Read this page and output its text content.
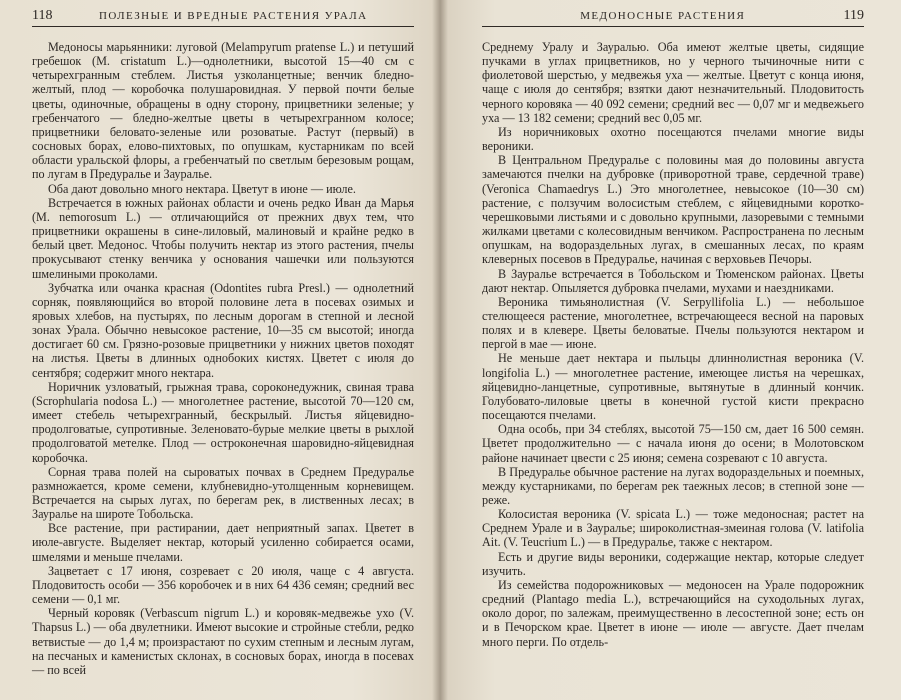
118	ПОЛЕЗНЫЕ И ВРЕДНЫЕ РАСТЕНИЯ УРАЛА

Медоносы марьянники: луговой (Melampyrum pratense L.) и петуший гребешок (M. cristatum L.)—однолетники, высотой 15—40 см с четырехгранным стеблем. Листья узколанцетные; венчик бледно-желтый, плод — коробочка полушаровидная. У первой почти белые цветы, одиночные, обращены в одну сторону, прицветники зеленые; у гребенчатого — бледно-желтые цветы в четырехгранном колосе; прицветники беловато-зеленые или розоватые. Растут (первый) в сосновых борах, елово-пихтовых, по опушкам, кустарникам по всей области уральской флоры, а гребенчатый по светлым березовым рощам, по лугам в Предуралье и Зауралье.

Оба дают довольно много нектара. Цветут в июне — июле.

Встречается в южных районах области и очень редко Иван да Марья (M. nemorosum L.) — отличающийся от прежних двух тем, что прицветники окрашены в сине-лиловый, малиновый и крайне редко в белый цвет. Медонос. Чтобы получить нектар из этого растения, пчелы прокусывают стенку венчика у основания чашечки или пользуются шмелиными проколами.

Зубчатка или очанка красная (Odontites rubra Presl.) — однолетний сорняк, появляющийся во второй половине лета в посевах озимых и яровых хлебов, на пустырях, по лесным дорогам в степной и лесной зонах Урала. Обычно невысокое растение, 10—35 см высотой; иногда достигает 60 см. Грязно-розовые прицветники у нижних цветов походят на листья. Цветы в длинных однобоких кистях. Цветет с июля до сентября; содержит много нектара.

Норичник узловатый, грыжная трава, сороконедужник, свиная трава (Scrophularia nodosa L.) — многолетнее растение, высотой 70—120 см, имеет стебель четырехгранный, бескрылый. Листья яйцевидно-продолговатые, супротивные. Зеленовато-бурые мелкие цветы в рыхлой продолговатой метелке. Плод — остроконечная шаровидно-яйцевидная коробочка.

Сорная трава полей на сыроватых почвах в Среднем Предуралье размножается, кроме семени, клубневидно-утолщенным корневищем. Встречается на сырых лугах, по берегам рек, в лиственных лесах; в Зауралье на широте Тобольска.

Все растение, при растирании, дает неприятный запах. Цветет в июле-августе. Выделяет нектар, который усиленно собирается осами, шмелями и меньше пчелами.

Зацветает с 17 июня, созревает с 20 июля, чаще с 4 августа. Плодовитость особи — 356 коробочек и в них 64 436 семян; средний вес семени — 0,1 мг.

Черный коровяк (Verbascum nigrum L.) и коровяк-медвежье ухо (V. Thapsus L.) — оба двулетники. Имеют высокие и стройные стебли, редко ветвистые — до 1,4 м; произрастают по сухим степным и лесным лугам, на песчаных и каменистых склонах, в сосновых борах, иногда в посевах — по всей

МЕДОНОСНЫЕ РАСТЕНИЯ	119

Среднему Уралу и Зауралью. Оба имеют желтые цветы, сидящие пучками в углах прицветников, но у черного тычиночные нити с фиолетовой шерстью, у медвежья уха — желтые. Цветут с конца июня, чаще с июля до сентября; взятки дают незначительный. Плодовитость черного коровяка — 40 092 семени; средний вес — 0,07 мг и медвежьего уха — 13 182 семени; средний вес 0,05 мг.

Из норичниковых охотно посещаются пчелами многие виды вероники.

В Центральном Предуралье с половины мая до половины августа замечаются пчелки на дубровке (приворотной траве, сердечной траве) (Veronica Chamaedrys L.) Это многолетнее, невысокое (10—30 см) растение, с ползучим волосистым стеблем, с яйцевидными коротко-черешковыми листьями и с довольно крупными, лазоревыми с темными жилками цветами с колесовидным венчиком. Распространена по лесным опушкам, на водораздельных лугах, в смешанных лесах, по краям клеверных посевов в Предуралье, начиная с верховьев Печоры.

В Зауралье встречается в Тобольском и Тюменском районах. Цветы дают нектар. Опыляется дубровка пчелами, мухами и наездниками.

Вероника тимьянолистная (V. Serpyllifolia L.) — небольшое стелющееся растение, многолетнее, встречающееся весной на паровых полях и в клевере. Цветы беловатые. Пчелы пользуются нектаром и пергой в мае — июне.

Не меньше дает нектара и пыльцы длиннолистная вероника (V. longifolia L.) — многолетнее растение, имеющее листья на черешках, яйцевидно-ланцетные, супротивные, вытянутые в длинный кончик. Голубовато-лиловые цветы в конечной густой кисти прекрасно посещаются пчелами.

Одна особь, при 34 стеблях, высотой 75—150 см, дает 16 500 семян. Цветет продолжительно — с начала июня до осени; в Молотовском районе начинает цвести с 25 июня; семена созревают с 10 августа.

В Предуралье обычное растение на лугах водораздельных и поемных, между кустарниками, по берегам рек таежных лесов; в степной зоне — реже.

Колосистая вероника (V. spicata L.) — тоже медоносная; растет на Среднем Урале и в Зауралье; широколистная-змеиная голова (V. latifolia Ait. (V. Teucrium L.) — в Предуралье, также с нектаром.

Есть и другие виды вероники, содержащие нектар, которые следует изучить.

Из семейства подорожниковых — медоносен на Урале подорожник средний (Plantago media L.), встречающийся на суходольных лугах, около дорог, по залежам, преимущественно в лесостепной зоне; есть он и в Печорском крае. Цветет в июне — июле — августе. Дает пчелам много перги. По отдель-
